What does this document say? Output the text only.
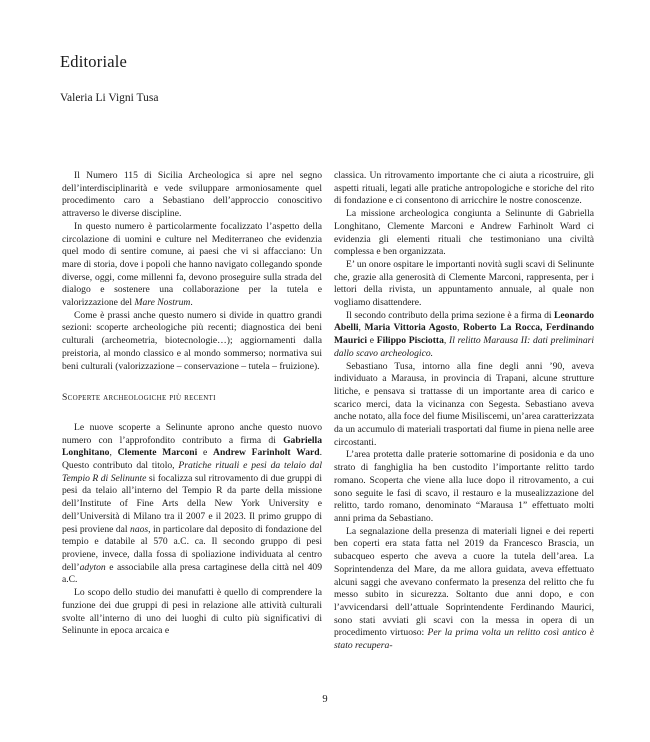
Editoriale
Valeria Li Vigni Tusa

Il Numero 115 di Sicilia Archeologica si apre nel segno dell’interdisciplinarità e vede sviluppare armoniosamente quel procedimento caro a Sebastiano dell’approccio conoscitivo attraverso le diverse discipline.

In questo numero è particolarmente focalizzato l’aspetto della circolazione di uomini e culture nel Mediterraneo che evidenzia quel modo di sentire comune, ai paesi che vi si affacciano: Un mare di storia, dove i popoli che hanno navigato collegando sponde diverse, oggi, come millenni fa, devono proseguire sulla strada del dialogo e sostenere una collaborazione per la tutela e valorizzazione del Mare Nostrum.

Come è prassi anche questo numero si divide in quattro grandi sezioni: scoperte archeologiche più recenti; diagnostica dei beni culturali (archeometria, biotecnologie…); aggiornamenti dalla preistoria, al mondo classico e al mondo sommerso; normativa sui beni culturali (valorizzazione – conservazione – tutela – fruizione).

Scoperte archeologiche più recenti

Le nuove scoperte a Selinunte aprono anche questo nuovo numero con l’approfondito contributo a firma di Gabriella Longhitano, Clemente Marconi e Andrew Farinholt Ward. Questo contributo dal titolo, Pratiche rituali e pesi da telaio dal Tempio R di Selinunte si focalizza sul ritrovamento di due gruppi di pesi da telaio all’interno del Tempio R da parte della missione dell’Institute of Fine Arts della New York University e dell’Università di Milano tra il 2007 e il 2023. Il primo gruppo di pesi proviene dal naos, in particolare dal deposito di fondazione del tempio e databile al 570 a.C. ca. Il secondo gruppo di pesi proviene, invece, dalla fossa di spoliazione individuata al centro dell’adyton e associabile alla presa cartaginese della città nel 409 a.C.

Lo scopo dello studio dei manufatti è quello di comprendere la funzione dei due gruppi di pesi in relazione alle attività culturali svolte all’interno di uno dei luoghi di culto più significativi di Selinunte in epoca arcaica e

classica. Un ritrovamento importante che ci aiuta a ricostruire, gli aspetti rituali, legati alle pratiche antropologiche e storiche del rito di fondazione e ci consentono di arricchire le nostre conoscenze.

La missione archeologica congiunta a Selinunte di Gabriella Longhitano, Clemente Marconi e Andrew Farhinolt Ward ci evidenzia gli elementi rituali che testimoniano una civiltà complessa e ben organizzata.

E’ un onore ospitare le importanti novità sugli scavi di Selinunte che, grazie alla generosità di Clemente Marconi, rappresenta, per i lettori della rivista, un appuntamento annuale, al quale non vogliamo disattendere.

Il secondo contributo della prima sezione è a firma di Leonardo Abelli, Maria Vittoria Agosto, Roberto La Rocca, Ferdinando Maurici e Filippo Pisciotta, Il relitto Marausa II: dati preliminari dallo scavo archeologico.

Sebastiano Tusa, intorno alla fine degli anni ’90, aveva individuato a Marausa, in provincia di Trapani, alcune strutture litiche, e pensava si trattasse di un importante area di carico e scarico merci, data la vicinanza con Segesta. Sebastiano aveva anche notato, alla foce del fiume Misiliscemi, un’area caratterizzata da un accumulo di materiali trasportati dal fiume in piena nelle aree circostanti.

L’area protetta dalle praterie sottomarine di posidonia e da uno strato di fanghiglia ha ben custodito l’importante relitto tardo romano. Scoperta che viene alla luce dopo il ritrovamento, a cui sono seguite le fasi di scavo, il restauro e la musealizzazione del relitto, tardo romano, denominato “Marausa 1” effettuato molti anni prima da Sebastiano.

La segnalazione della presenza di materiali lignei e dei reperti ben coperti era stata fatta nel 2019 da Francesco Brascia, un subacqueo esperto che aveva a cuore la tutela dell’area. La Soprintendenza del Mare, da me allora guidata, aveva effettuato alcuni saggi che avevano confermato la presenza del relitto che fu messo subito in sicurezza. Soltanto due anni dopo, e con l’avvicendarsi dell’attuale Soprintendente Ferdinando Maurici, sono stati avviati gli scavi con la messa in opera di un procedimento virtuoso: Per la prima volta un relitto così antico è stato recupera-

9
